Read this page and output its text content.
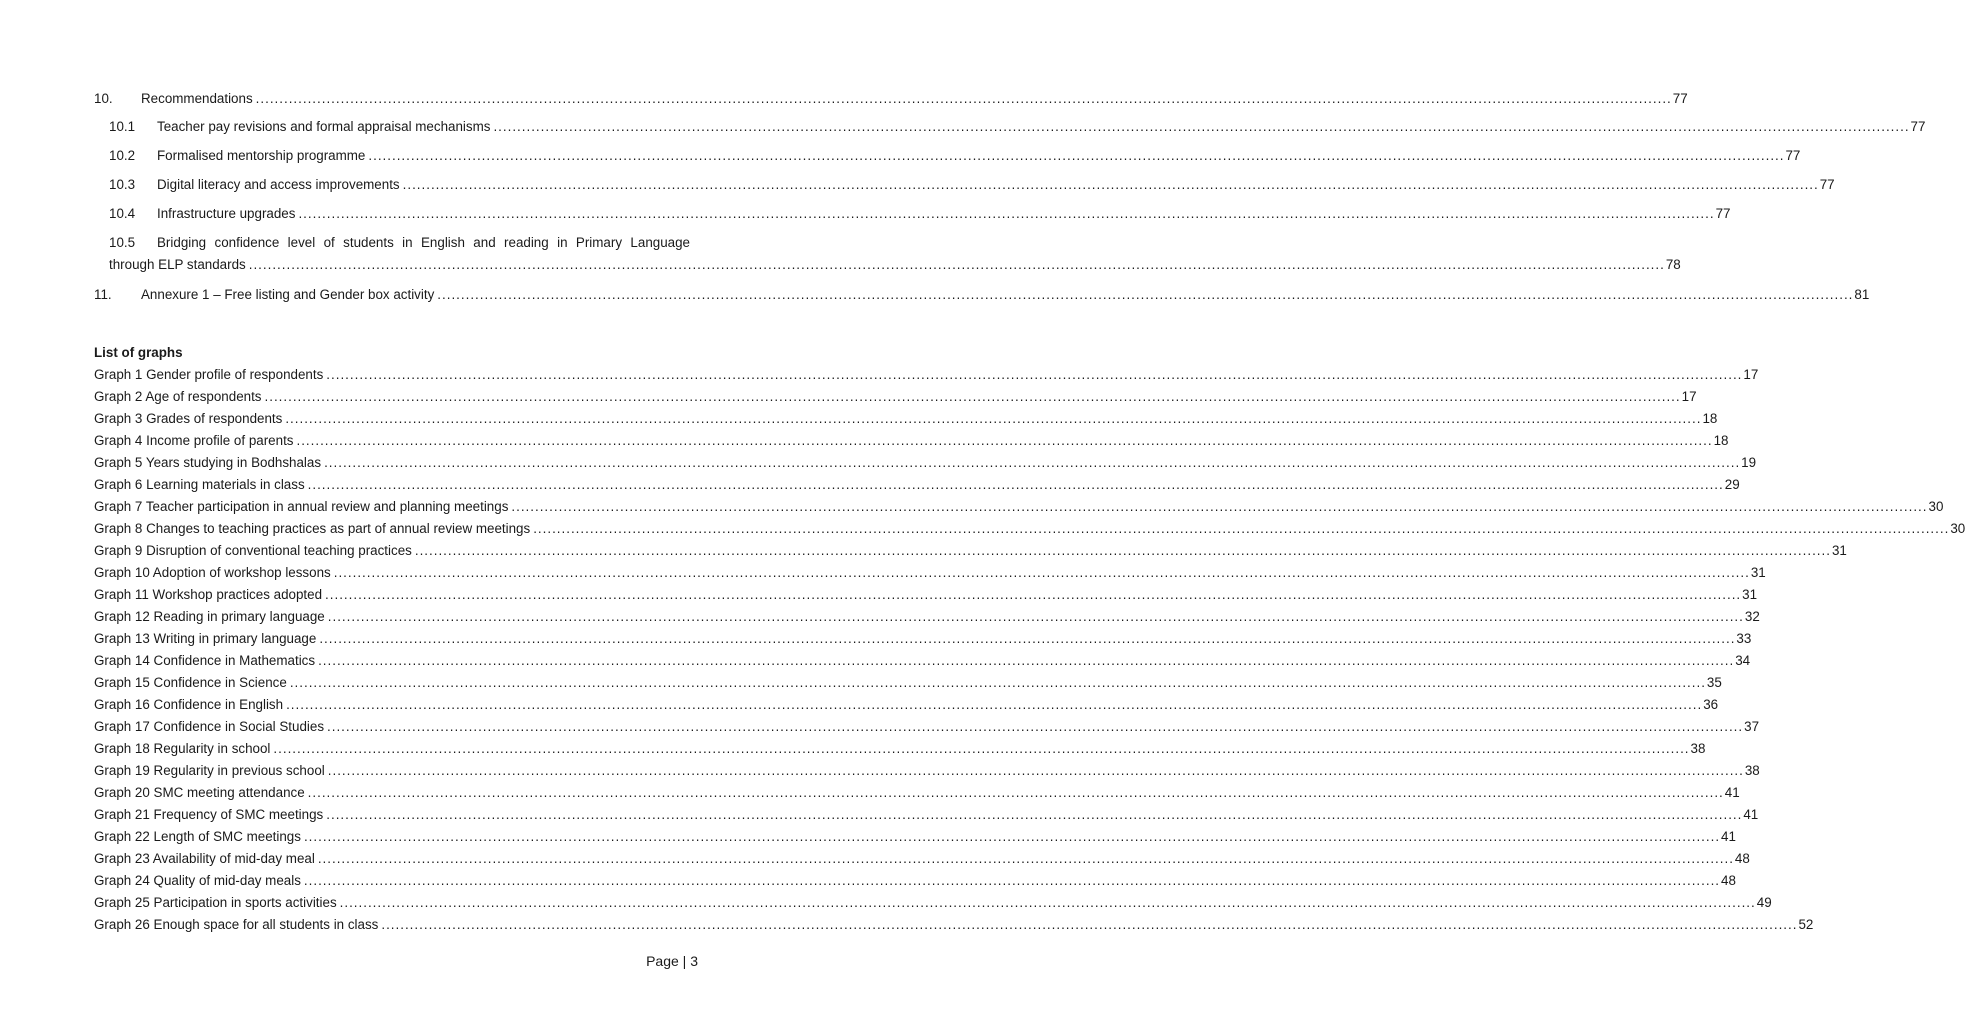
10.	Recommendations ............................................................................................................................................................................................................................................................................................................ 77
10.1	Teacher pay revisions and formal appraisal mechanisms ............................................................................................................................................................................................................................................................................................................ 77
10.2	Formalised mentorship programme ............................................................................................................................................................................................................................................................................................................ 77
10.3	Digital literacy and access improvements ............................................................................................................................................................................................................................................................................................................ 77
10.4	Infrastructure upgrades ............................................................................................................................................................................................................................................................................................................ 77
10.5	Bridging confidence level of students in English and reading in Primary Language
through ELP standards ............................................................................................................................................................................................................................................................................................................ 78
11.	Annexure 1 – Free listing and Gender box activity ............................................................................................................................................................................................................................................................................................................ 81
List of graphs
Graph 1 Gender profile of respondents ............................................................................................................................................................................................................................................................................................................ 17
Graph 2 Age of respondents ............................................................................................................................................................................................................................................................................................................ 17
Graph 3 Grades of respondents ............................................................................................................................................................................................................................................................................................................ 18
Graph 4 Income profile of parents ............................................................................................................................................................................................................................................................................................................ 18
Graph 5 Years studying in Bodhshalas ............................................................................................................................................................................................................................................................................................................ 19
Graph 6 Learning materials in class ............................................................................................................................................................................................................................................................................................................ 29
Graph 7 Teacher participation in annual review and planning meetings ............................................................................................................................................................................................................................................................................................................ 30
Graph 8 Changes to teaching practices as part of annual review meetings ............................................................................................................................................................................................................................................................................................................ 30
Graph 9 Disruption of conventional teaching practices ............................................................................................................................................................................................................................................................................................................ 31
Graph 10 Adoption of workshop lessons ............................................................................................................................................................................................................................................................................................................ 31
Graph 11 Workshop practices adopted ............................................................................................................................................................................................................................................................................................................ 31
Graph 12 Reading in primary language ............................................................................................................................................................................................................................................................................................................ 32
Graph 13 Writing in primary language ............................................................................................................................................................................................................................................................................................................ 33
Graph 14 Confidence in Mathematics ............................................................................................................................................................................................................................................................................................................ 34
Graph 15 Confidence in Science ............................................................................................................................................................................................................................................................................................................ 35
Graph 16 Confidence in English ............................................................................................................................................................................................................................................................................................................ 36
Graph 17 Confidence in Social Studies ............................................................................................................................................................................................................................................................................................................ 37
Graph 18 Regularity in school ............................................................................................................................................................................................................................................................................................................ 38
Graph 19 Regularity in previous school ............................................................................................................................................................................................................................................................................................................ 38
Graph 20 SMC meeting attendance ............................................................................................................................................................................................................................................................................................................ 41
Graph 21 Frequency of SMC meetings ............................................................................................................................................................................................................................................................................................................ 41
Graph 22 Length of SMC meetings ............................................................................................................................................................................................................................................................................................................ 41
Graph 23 Availability of mid-day meal ............................................................................................................................................................................................................................................................................................................ 48
Graph 24 Quality of mid-day meals ............................................................................................................................................................................................................................................................................................................ 48
Graph 25 Participation in sports activities ............................................................................................................................................................................................................................................................................................................ 49
Graph 26 Enough space for all students in class ............................................................................................................................................................................................................................................................................................................ 52
Page | 3
